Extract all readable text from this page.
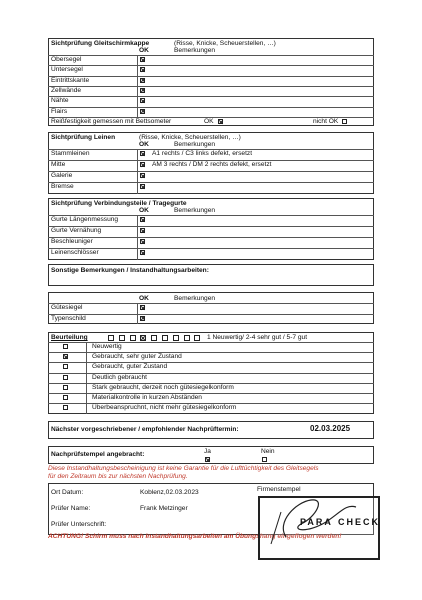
Sichtprüfung Gleitschirmkappe	(Risse, Knicke, Scheuerstellen, …)
OK	Bemerkungen
Obersegel
Untersegel
Eintrittskante
Zellwände
Nähte
Flairs
Reißfestigkeit gemessen mit Bettsometer	OK	nicht OK
Sichtprüfung Leinen	(Risse, Knicke, Scheuerstellen, …)
OK	Bemerkungen
Stammleinen	A1 rechts / C3 links defekt, ersetzt
Mitte	AM 3 rechts / DM 2 rechts defekt, ersetzt
Galerie
Bremse
Sichtprüfung Verbindungsteile / Tragegurte
OK	Bemerkungen
Gurte Längenmessung
Gurte Vernähung
Beschleuniger
Leinenschlösser
Sonstige Bemerkungen / Instandhaltungsarbeiten:
OK	Bemerkungen
Gütesiegel
Typenschild
Beurteilung	1 Neuwertig/ 2-4 sehr gut / 5-7 gut
Neuwertig
Gebraucht, sehr guter Zustand
Gebraucht, guter Zustand
Deutlich gebraucht
Stark gebraucht, derzeit noch gütesiegelkonform
Materialkontrolle in kurzen Abständen
Überbeanspruchnt, nicht mehr gütesiegelkonform
Nächster vorgeschriebener / empfohlender Nachprüftermin:	02.03.2025
Nachprüfstempel angebracht:	Ja	Nein
Diese Instandhaltungsbescheinigung ist keine Garantie für die Lufttüchtigkeit des Gleitsegels
für den Zeitraum bis zur nächsten Nachprüfung.
Ort Datum:	Koblenz,02.03.2023	Firmenstempel
Prüfer Name:	Frank Metzinger
Prüfer Unterschrift:
ACHTUNG! Schirm muss nach Instandhaltungsarbeiten am Übungshang eingeflogen werden!
PARA CHECK
